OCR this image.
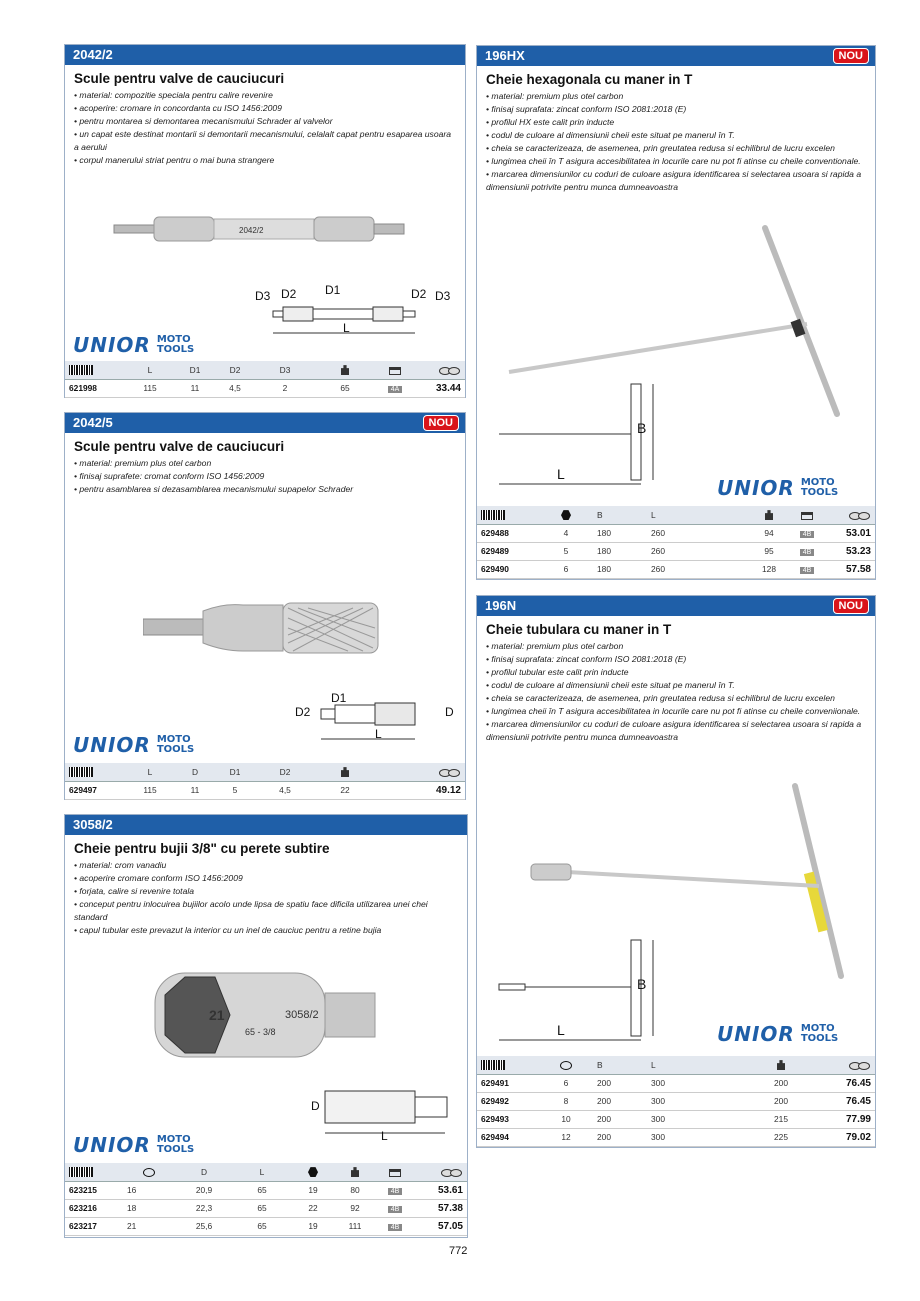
2042/2
Scule pentru valve de cauciucuri
• material: compozitie speciala pentru calire revenire
• acoperire: cromare in concordanta cu ISO 1456:2009
• pentru montarea si demontarea mecanismului Schrader al valvelor
• un capat este destinat montarii si demontarii mecanismului, celalalt capat pentru esaparea usoara a aerului
• corpul manerului striat pentru o mai buna strangere
2042/2
D3 D2 D1	D2 D3
L
UNIOR MOTO
TOOLS
	L	D1	D2	D3			
621998	115	11	4,5	2	65	4A	33.44
2042/5	NOU
Scule pentru valve de cauciucuri
• material: premium plus otel carbon
• finisaj suprafete: cromat conform ISO 1456:2009
• pentru asamblarea si dezasamblarea mecanismului supapelor Schrader
D2
D1
D
L
UNIOR MOTO
TOOLS
	L	D	D1	D2		
629497	115	11	5	4,5	22	49.12
3058/2
Cheie pentru bujii 3/8" cu perete subtire
• material: crom vanadiu
• acoperire cromare conform ISO 1456:2009
• forjata, calire si revenire totala
• conceput pentru inlocuirea bujiilor acolo unde lipsa de spatiu face dificila utilizarea unei chei standard
• capul tubular este prevazut la interior cu un inel de cauciuc pentru a retine bujia
21	3058/2
65 - 3/8
D
L
UNIOR MOTO
TOOLS
		D	L				
623215	16	20,9	65	19	80	4B	53.61
623216	18	22,3	65	22	92	4B	57.38
623217	21	25,6	65	19	111	4B	57.05
196HX	NOU
Cheie hexagonala cu maner in T
• material: premium plus otel carbon
• finisaj suprafata: zincat conform ISO 2081:2018 (E)
• profilul HX este calit prin inducte
• codul de culoare al dimensiunii cheii este situat pe manerul în T.
• cheia se caracterizeaza, de asemenea, prin greutatea redusa si echilibrul de lucru excelen
• lungimea cheii în T asigura accesibilitatea in locurile care nu pot fi atinse cu cheile conventionale.
• marcarea dimensiunilor cu coduri de culoare asigura identificarea si selectarea usoara si rapida a dimensiunii potrivite pentru munca dumneavoastra
B
L
UNIOR MOTO
TOOLS
		B	L			
629488	4	180	260	94	4B	53.01
629489	5	180	260	95	4B	53.23
629490	6	180	260	128	4B	57.58
196N	NOU
Cheie tubulara cu maner in T
• material: premium plus otel carbon
• finisaj suprafata: zincat conform ISO 2081:2018 (E)
• profilul tubular este calit prin inducte
• codul de culoare al dimensiunii cheii este situat pe manerul în T.
• cheia se caracterizeaza, de asemenea, prin greutatea redusa si echilibrul de lucru excelen
• lungimea cheii în T asigura accesibilitatea in locurile care nu pot fi atinse cu cheile conveniionale.
• marcarea dimensiunilor cu coduri de culoare asigura identificarea si selectarea usoara si rapida a dimensiunii potrivite pentru munca dumneavoastra
B
L	UNIOR MOTO
TOOLS
		B	L		
629491	6	200	300	200	76.45
629492	8	200	300	200	76.45
629493	10	200	300	215	77.99
629494	12	200	300	225	79.02
772
